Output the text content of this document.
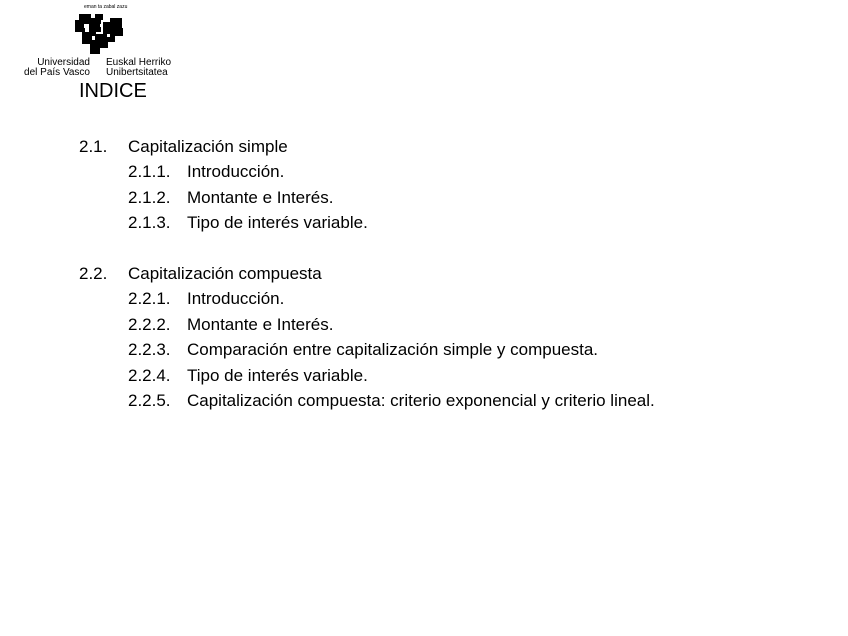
eman ta zabal zazu
Universidad
del País Vasco
Euskal Herriko
Unibertsitatea
INDICE
2.1.	Capitalización simple
2.1.1. Introducción.
2.1.2. Montante e Interés.
2.1.3. Tipo de interés variable.
2.2.	Capitalización compuesta
2.2.1. Introducción.
2.2.2. Montante e Interés.
2.2.3. Comparación entre capitalización simple y compuesta.
2.2.4. Tipo de interés variable.
2.2.5. Capitalización compuesta: criterio exponencial y criterio lineal.
